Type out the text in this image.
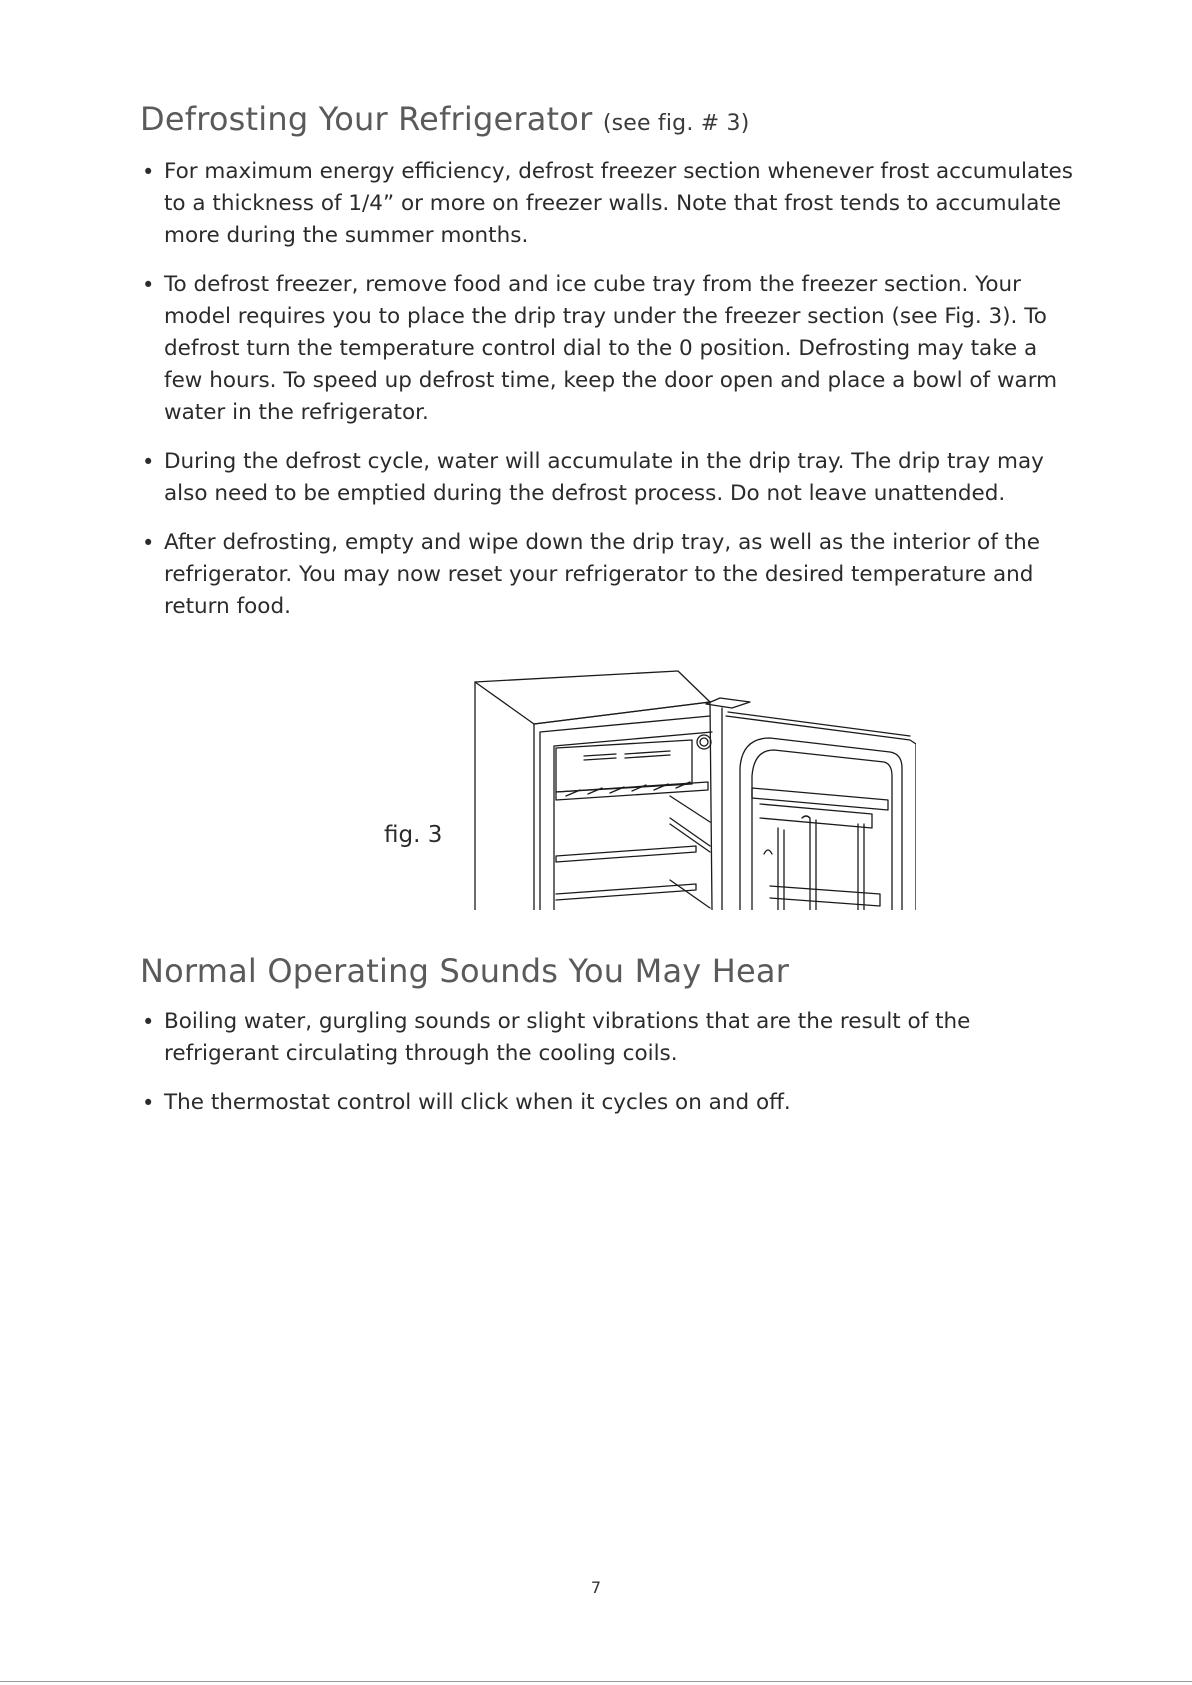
Defrosting Your Refrigerator (see fig. # 3)
• For maximum energy efficiency, defrost freezer section whenever frost accumulates to a thickness of 1/4” or more on freezer walls. Note that frost tends to accumulate more during the summer months.
• To defrost freezer, remove food and ice cube tray from the freezer section. Your model requires you to place the drip tray under the freezer section (see Fig. 3). To defrost turn the temperature control dial to the 0 position. Defrosting may take a few hours. To speed up defrost time, keep the door open and place a bowl of warm water in the refrigerator.
• During the defrost cycle, water will accumulate in the drip tray. The drip tray may also need to be emptied during the defrost process. Do not leave unattended.
• After defrosting, empty and wipe down the drip tray, as well as the interior of the refrigerator. You may now reset your refrigerator to the desired temperature and return food.
fig. 3
Normal Operating Sounds You May Hear
• Boiling water, gurgling sounds or slight vibrations that are the result of the refrigerant circulating through the cooling coils.
• The thermostat control will click when it cycles on and off.
7
